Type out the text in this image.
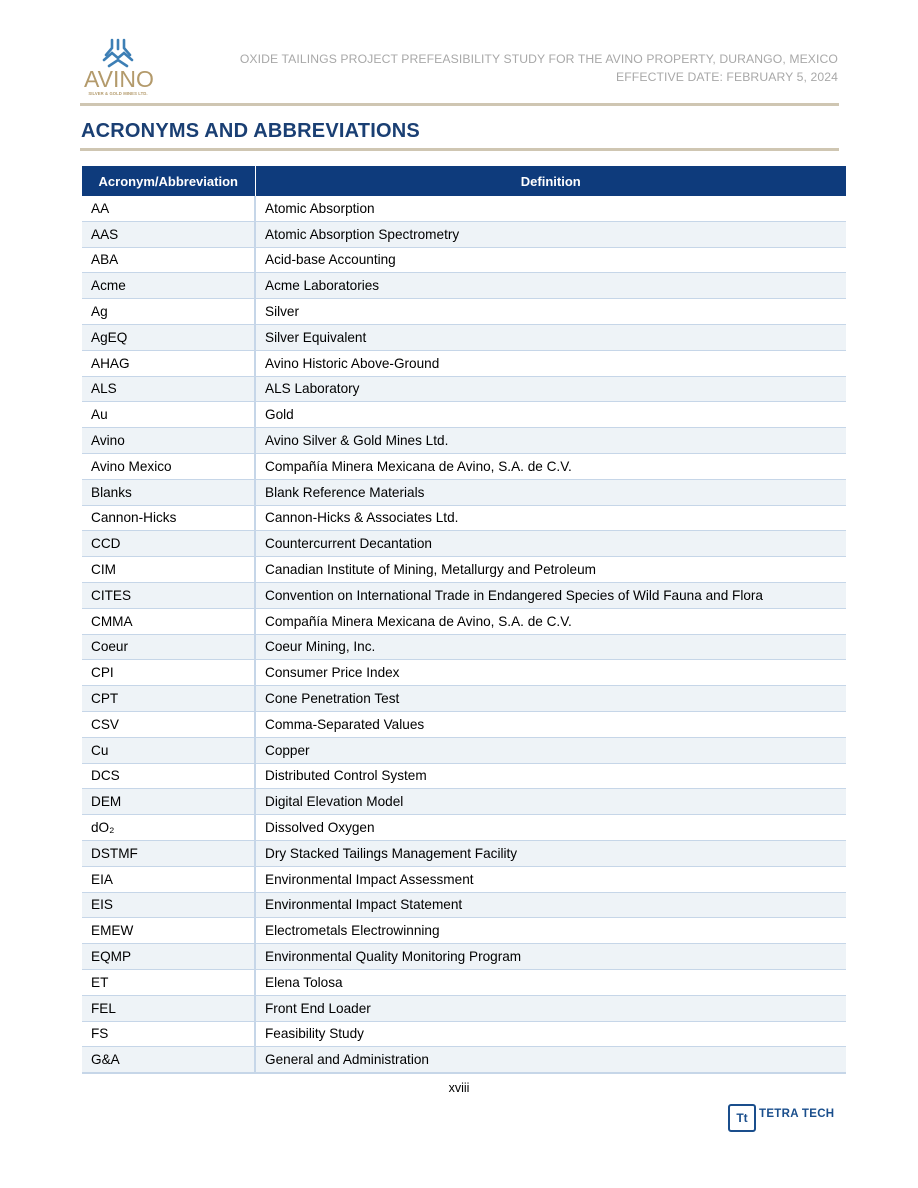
AVINO
SILVER & GOLD MINES LTD.
OXIDE TAILINGS PROJECT PREFEASIBILITY STUDY FOR THE AVINO PROPERTY, DURANGO, MEXICO
EFFECTIVE DATE: FEBRUARY 5, 2024
ACRONYMS AND ABBREVIATIONS
Acronym/Abbreviation	Definition
AA	Atomic Absorption
AAS	Atomic Absorption Spectrometry
ABA	Acid-base Accounting
Acme	Acme Laboratories
Ag	Silver
AgEQ	Silver Equivalent
AHAG	Avino Historic Above-Ground
ALS	ALS Laboratory
Au	Gold
Avino	Avino Silver & Gold Mines Ltd.
Avino Mexico	Compañía Minera Mexicana de Avino, S.A. de C.V.
Blanks	Blank Reference Materials
Cannon-Hicks	Cannon-Hicks & Associates Ltd.
CCD	Countercurrent Decantation
CIM	Canadian Institute of Mining, Metallurgy and Petroleum
CITES	Convention on International Trade in Endangered Species of Wild Fauna and Flora
CMMA	Compañía Minera Mexicana de Avino, S.A. de C.V.
Coeur	Coeur Mining, Inc.
CPI	Consumer Price Index
CPT	Cone Penetration Test
CSV	Comma-Separated Values
Cu	Copper
DCS	Distributed Control System
DEM	Digital Elevation Model
dO₂	Dissolved Oxygen
DSTMF	Dry Stacked Tailings Management Facility
EIA	Environmental Impact Assessment
EIS	Environmental Impact Statement
EMEW	Electrometals Electrowinning
EQMP	Environmental Quality Monitoring Program
ET	Elena Tolosa
FEL	Front End Loader
FS	Feasibility Study
G&A	General and Administration
xviii
Tt TETRA TECH
